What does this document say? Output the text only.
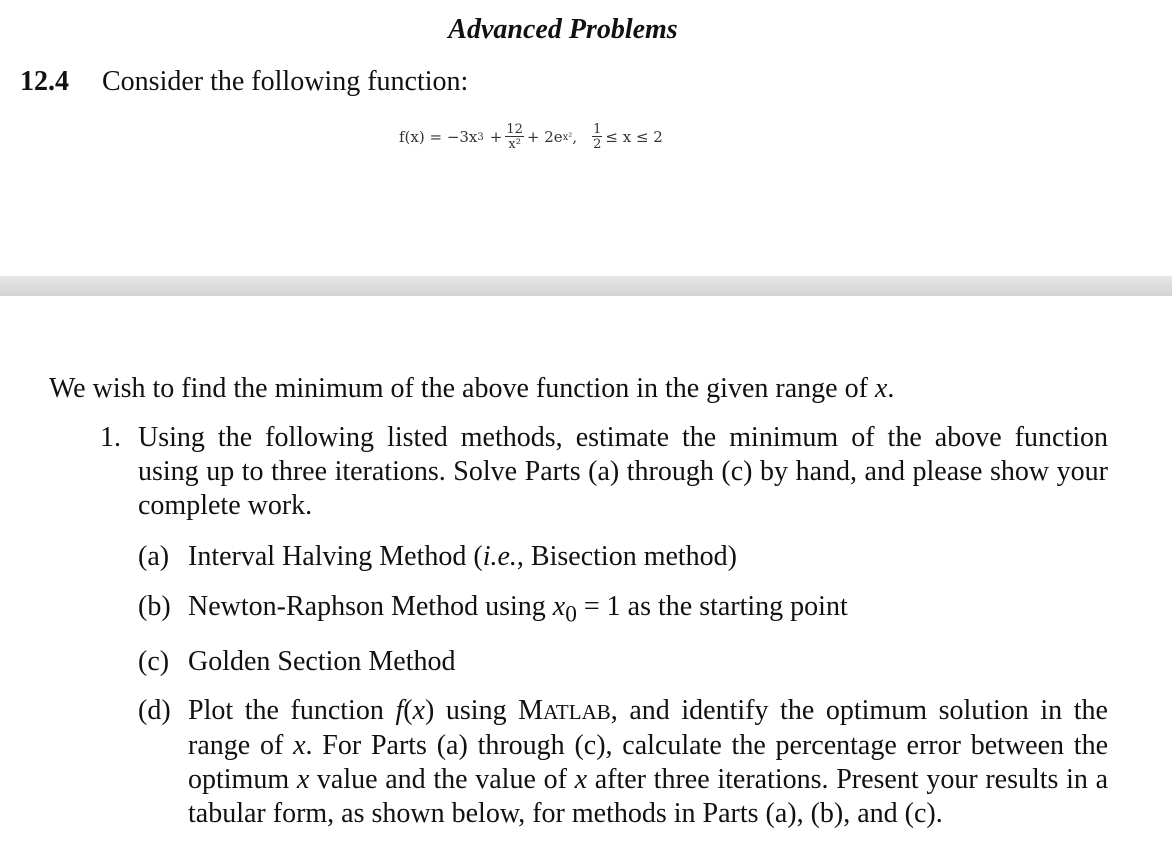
Advanced Problems
12.4 Consider the following function:
f(x) = −3x $3 + \frac{12}{\text{x²}} + 2e$ x² , $\frac{1}{2} \le x \le 2$
We wish to find the minimum of the above function in the given range of x.
1. Using the following listed methods, estimate the minimum of the above function using up to three iterations. Solve Parts (a) through (c) by hand, and please show your complete work.
(a) Interval Halving Method (i.e., Bisection method)
(b) Newton-Raphson Method using $x_0 = 1$ as the starting point
(c) Golden Section Method
(d) Plot the function f(x) using MATLAB, and identify the optimum solution in the range of x. For Parts (a) through (c), calculate the percentage error between the optimum x value and the value of x after three iterations. Present your results in a tabular form, as shown below, for methods in Parts (a), (b), and (c).
